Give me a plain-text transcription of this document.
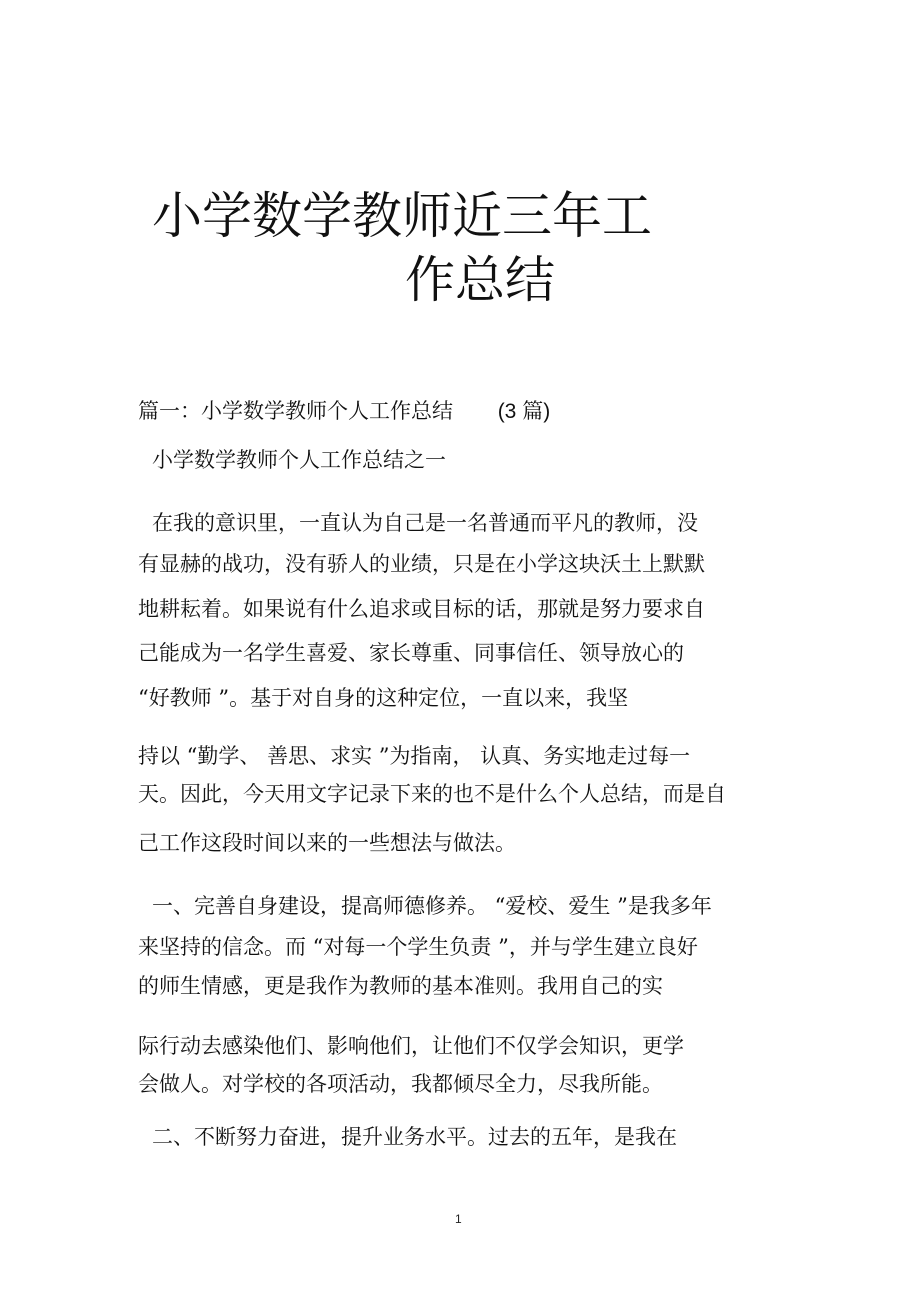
小学数学教师近三年工
作总结
篇一：小学数学教师个人工作总结 (3 篇)
小学数学教师个人工作总结之一
在我的意识里，一直认为自己是一名普通而平凡的教师，没
有显赫的战功，没有骄人的业绩，只是在小学这块沃土上默默
地耕耘着。如果说有什么追求或目标的话，那就是努力要求自
己能成为一名学生喜爱、家长尊重、同事信任、领导放心的
“好教师 ”。基于对自身的这种定位，一直以来，我坚
持以 “勤学、 善思、求实 ”为指南， 认真、务实地走过每一
天。因此，今天用文字记录下来的也不是什么个人总结，而是自
己工作这段时间以来的一些想法与做法。
一、完善自身建设，提高师德修养。 “爱校、爱生 ”是我多年
来坚持的信念。而 “对每一个学生负责 ”，并与学生建立良好
的师生情感，更是我作为教师的基本准则。我用自己的实
际行动去感染他们、影响他们，让他们不仅学会知识，更学
会做人。对学校的各项活动，我都倾尽全力，尽我所能。
二、不断努力奋进，提升业务水平。过去的五年，是我在
1
